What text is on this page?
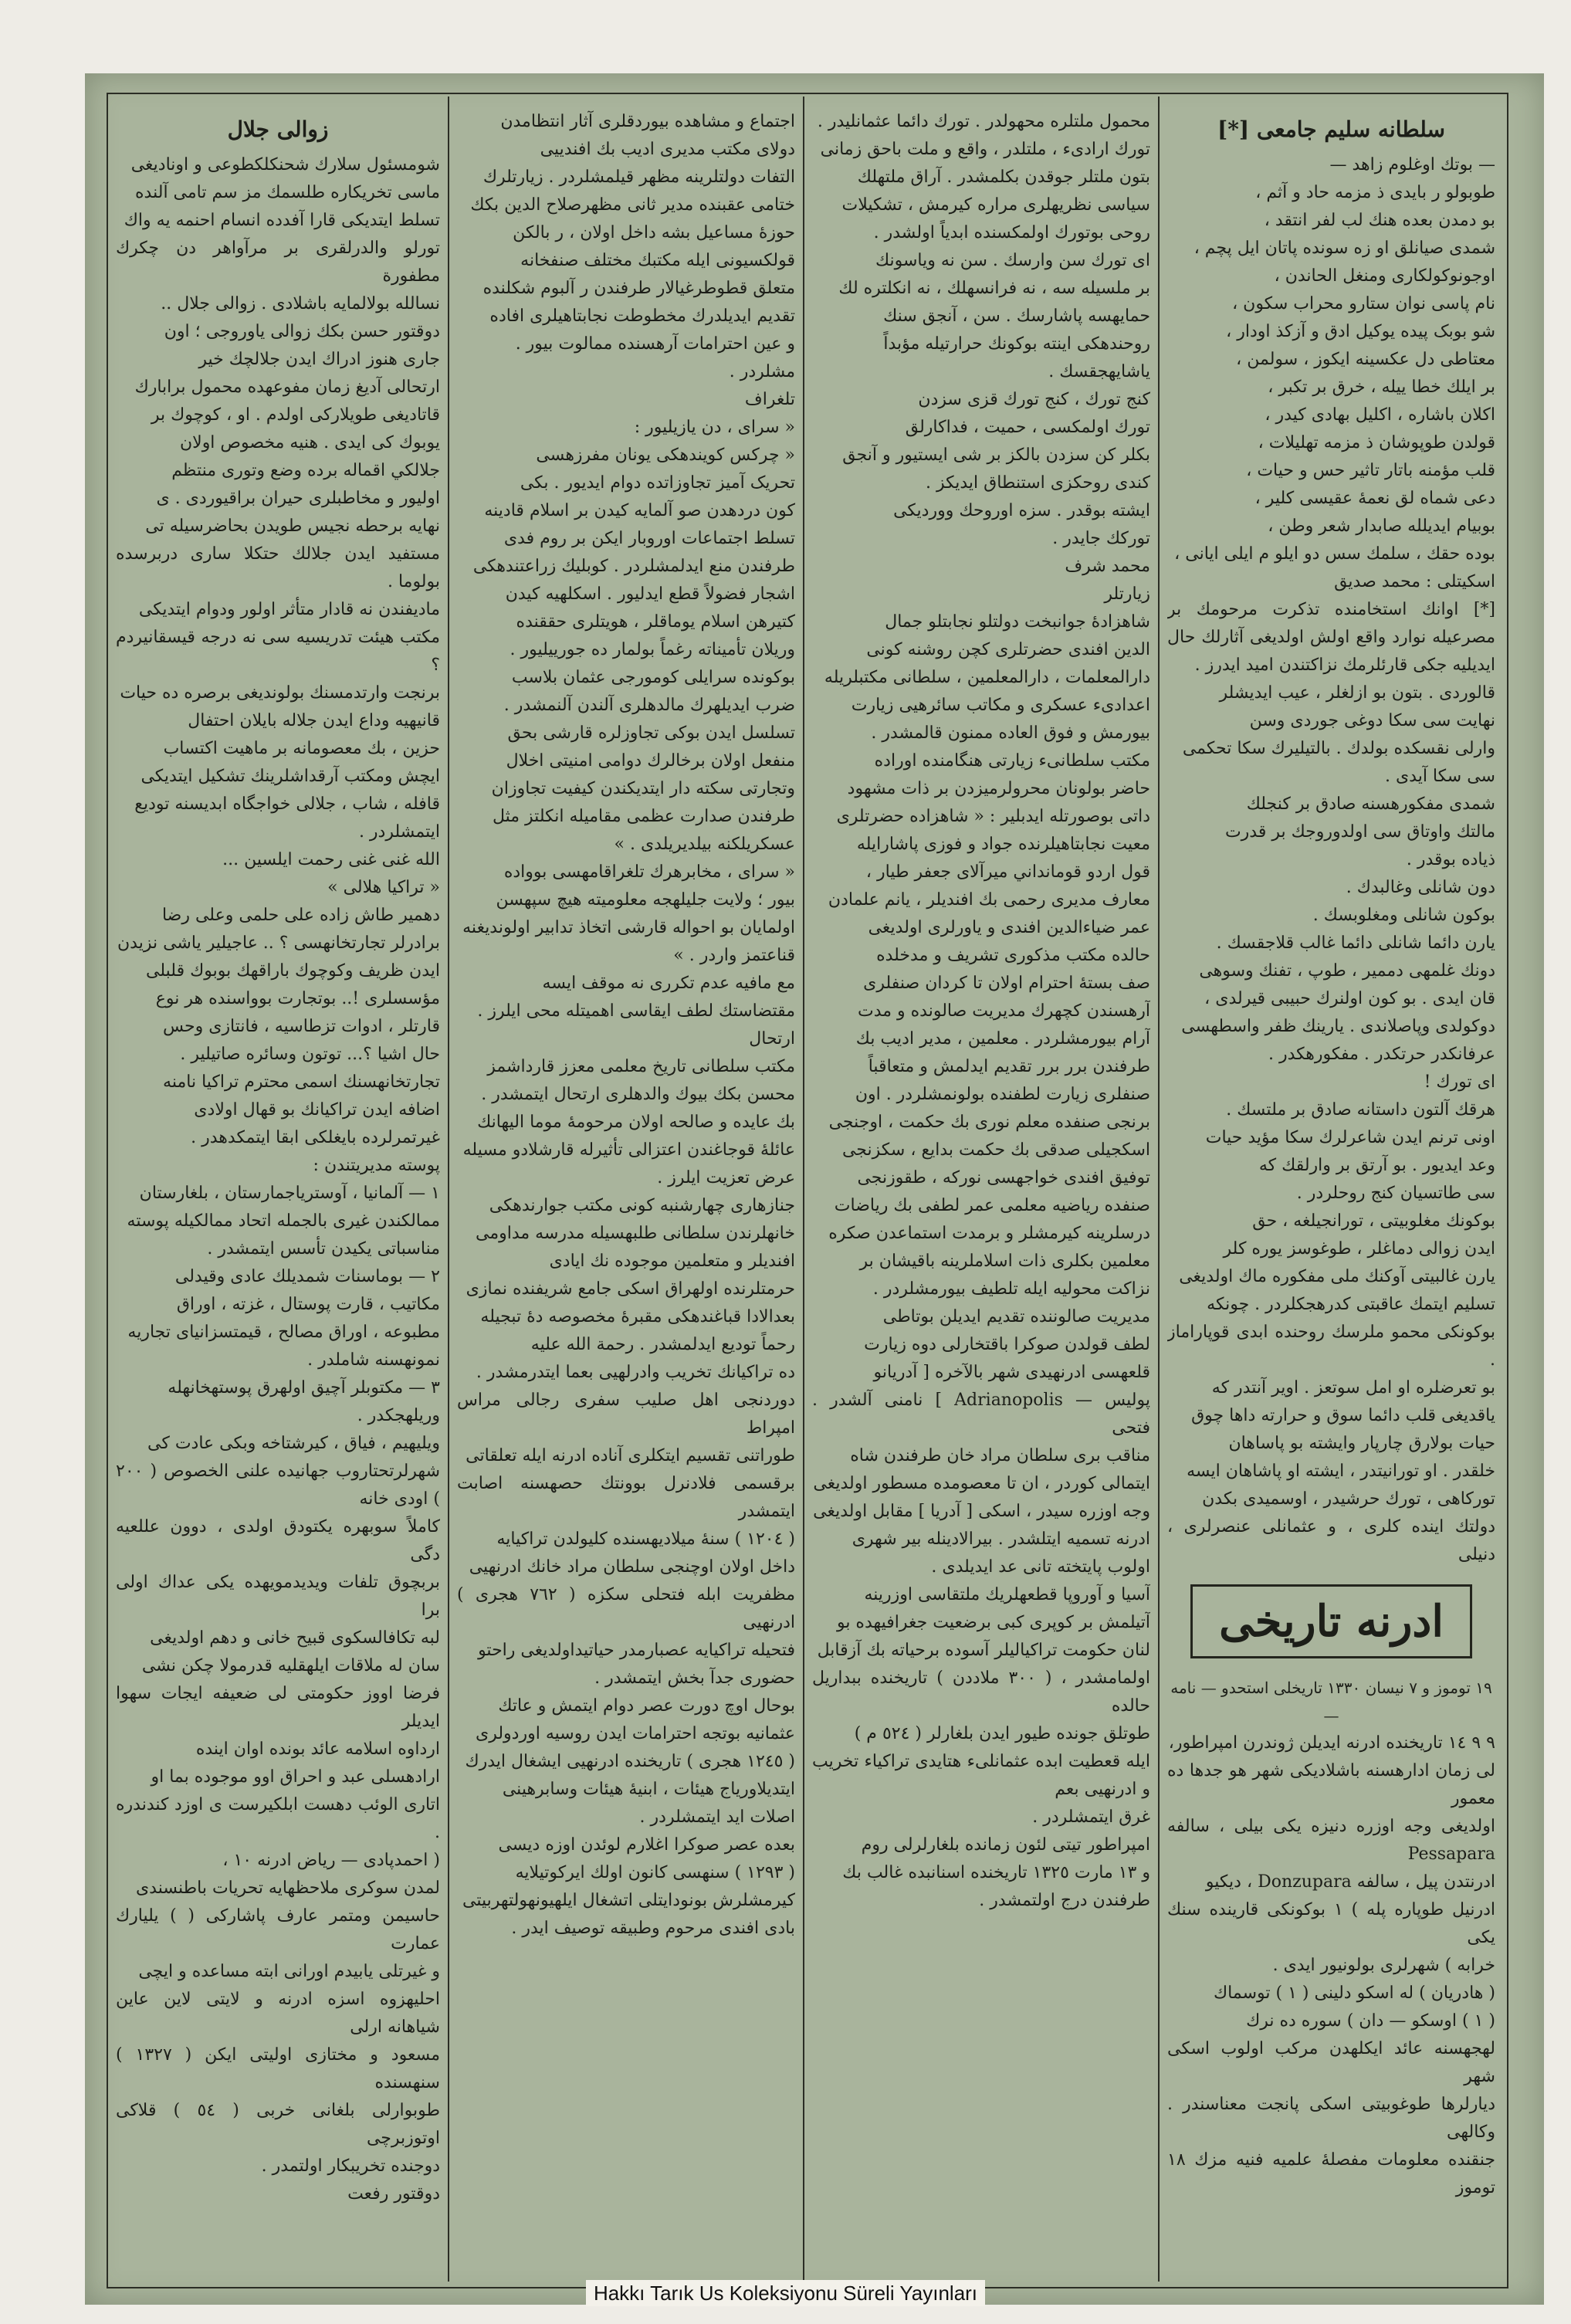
سلطانه سلیم جامعی [*]
— بوتك اوغلوم زاهد —
طوبولو ر بایدی ذ مزمه حاد و آثم ،
بو دمدن بعده هنك لب لفر انتقد ،
شمدی صیانلق او زه سونده پاتان ایل پچم ،
اوجونوکولکاری ومنغل الحاندن ،
نام پاسی نوان ستارو محراب سکون ،
شو بوبک پیده یوکیل ادق و آزكذ اودار ،
معتاطی دل عکسینه ایکوز ، سولمن ،
بر ایلك خطا ییله ، خرق بر تکبر ،
اکلان باشاره ، اكلیل بهادی کیدر ،
قولدن طوپوشان ذ مزمه تهلیلات ،
قلب مؤمنه باتار تاثیر حس و حیات ،
دعی شماه لق نعمهٔ عقیسی کلیر ،
بوبیام ایدیلله صابدار شعر وطن ،
بوده حقك ، سلمك سس دو ایلو م ایلی ایانی ،
اسکیتلی : محمد صدیق
[*] اوانك استخامنده تذكرت مرحومك بر مصرعیله نوارد واقع اولش اولدیغی آثارلك حال ایدیلیه جكی قارئلرمك نزاكتندن امید ایدرز .
قالوردی . بتون بو ازلغلر ، عیب ایدیشلر
نهایت سی سکا دوغی جوردی وسن
وارلی نقسکده بولدك . بالتیلیرك سکا تحکمی
سی سکا آیدی .
شمدی مفکورهسنه صادق بر کنجلك
مالتك واوتاق سی اولدوروجك بر قدرت
ذیاده بوقدر .
دون شانلی وغالبدك .
بوکون شانلی ومغلوبسك .
یارن دائما شانلی دائما غالب قلاجقسك .
دونك غلمهی دممیر ، طوپ ، تفنك وسوهی
قان ایدی . بو کون اولنرك حبیبی قیرلدی ،
دوکولدی وپاصلاندی . یارینك ظفر واسطهسی
عرفانکدر حرتکدر . مفکورهکدر .
ای تورك !
هرقك آلتون داستانه صادق بر ملتسك .
اونی ترنم ایدن شاعرلرك سکا مؤید حیات
وعد ایدیور . بو آرتق بر وارلقك كه
سی طاتسیان کنج روحلردر .
بوکونك مغلوبیتی ، تورانجیلغه ، حق
ایدن زوالی دماغلر ، طوغوسز یوره كلر
یارن غالبیتی آوكنك ملی مفکوره ماك اولدیغی
تسلیم ایتمك عاقبتی کدرهجکلردر . چونکه
بوکونکی محمو ملرسك روحنده ابدی قوپاراماز .
بو تعرضلره او امل سوتعز . اویر آنتدر که
یاقدیغی قلب دائما سوق و حرارته داها چوق
حیات بولارق چارپار وایشته بو پاساهان
خلقدر . او تورانیتدر ، ایشته او پاشاهان ایسه
تورکاهی ، تورك حرشیدر ، اوسمیدی بکدن
دولتك اینده کلری ، و عثمانلی عنصرلری ، دنیلی
ادرنه تاریخی
١٩ توموز و ٧ نیسان ١٣٣٠ تاریخلی استحدو — نامه —
٩ ٩ ١٤ تاریخنده ادرنه ایدیلن ژوندرن امپراطور،
لی زمان ادارهسنه باشلادیکی شهر هو جدها ده معمور
اولدیغی وجه اوزره دنیزه یکی بیلی ، سالفه Pessapara
ادرنتدن پیل ، سالفه Donzupara ، دیکیو
ادرنیل طوپاره پله ) ١ بوکونکی قارینده سنك یکی
خرابه ) شهرلری بولونیور ایدی .
( هادریان ) له اسکو دلینی ( ١ ) توسماك
( ١ ) اوسکو — دان ) سوره ده نرك
لهجهسنه عائد ایکلهدن مرکب اولوب اسکی شهر
دیارلرها طوغوبیتی اسکی پانجت معناسندر . وکالهی
جنقنده معلومات مفصلهٔ علمیه فنیه مزك ١٨ توموز
محمول ملتلره محهولدر . تورك دائما عثمانلیدر .
تورك ارادیء ، ملتلدر ، واقع و ملت باحق زمانی
بتون ملتلر جوقدن بکلمشدر . آراق ملتهلك
سیاسی نظریهلری مراره کیرمش ، تشکیلات
روحی بوتورك اولمكسنده ابدیاً اولشدر .
ای تورك سن وارسك . سن نه ویاسونك
بر ملسیله سه ، نه فرانسهلك ، نه انكلتره لك
حمایهسه پاشارسك . سن ، آنجق سنك
روحندهكی اینته بوکونك حرارتیله مؤبداً
یاشایهجقسك .
کنج تورك ، کنج تورك قزی سزدن
تورك اولمکسی ، حمیت ، فداکارلق
بکلر كن سزدن بالکز بر شی ایستیور و آنجق
کندی روحکزی استنطاق ایدیکز .
ایشته بوقدر . سزه اوروحك ووردیكی
تورکك جایدر .
محمد شرف
زیارتلر
شاهزادهٔ جوانبخت دولتلو نجابتلو جمال
الدین افندی حضرتلری کچن روشنه کونی
دارالمعلمات ، دارالمعلمین ، سلطانی مکتبلریله
اعدادیء عسکری و مکاتب سائرهیی زیارت
بیورمش و فوق العاده ممنون قالمشدر .
مکتب سلطانیء زیارتی هنگامنده اوراده
حاضر بولونان محرولرمیزدن بر ذات مشهود
داتی بوصورتله ایدبلیر : « شاهزاده حضرتلری
معیت نجابتاهیلرنده جواد و فوزی پاشارایله
قول اردو قومانداني میرآلای جعفر طیار ،
معارف مدیری رحمی بك افندیلر ، یانم علمادن
عمر ضیاءالدین افندی و یاورلری اولدیغی
حالده مکتب مذکوری تشریف و مدخلده
صف بستهٔ احترام اولان تا کردان صنفلری
آرهسندن کچهرك مدیریت صالونده و مدت
آرام بیورمشلردر . معلمین ، مدیر ادیب بك
طرفندن برر برر تقدیم ایدلمش و متعاقباً
صنفلری زیارت لطفنده بولونمشلردر . اون
برنجی صنفده معلم نوری بك حکمت ، اوجنجی
اسکجیلی صدقی بك حکمت بدایع ، سکزنجی
توفیق افندی خواجهسی نورکه ، طقوزنجی
صنفده ریاضیه معلمی عمر لطفی بك ریاضات
درسلرینه کیرمشلر و برمدت استماعدن صکره
معلمین بکلری ذات اسلاملرینه باقیشان بر
نزاکت محولیه ایله تلطیف بیورمشلردر .
مدیریت صالوننده تقدیم ایدیلن بوتاطی
لطف قولدن صوکرا باقتخارلی دوه زیارت
قلعهسی ادرنهیدی شهر بالآخره [ آدریانو
پولیس — Adrianopolis ] نامنی آلشدر . فتحی
مناقب بری سلطان مراد خان طرفندن شاه
ایتمالی کوردر ، ان تا معصومده مسطور اولدیغی
وجه اوزره سیدر ، اسکی [ آدریا ] مقابل اولدیغی
ادرنه تسمیه ایتلشدر . بیرالادینله بیر شهری
اولوب پایتخته تانی عد ایدیلدی .
آسیا و آوروپا قطعهلریك ملتقاسی اوزرینه
آتیلمش بر کوپری کبی برضعیت جغرافیهده بو
لنان حکومت تراکیالیلر آسوده برحياته بك آزقابل
اولمامشدر ، ( ٣٠٠ ملاددن ) تاریخنده ببداریل حالده
طوتلق جونده طیور ایدن بلغارلر ( ٥٢٤ م )
ایله قعطیت ابده عثمانلیء هتایدی تراکیاء تخریب و ادرنهیی بعم
غرق ایتمشلردر .
امپراطور تیتی لئون زمانده بلغارلرلی روم
و ١٣ مارت ١٣٢٥ تاریخنده اسنانبده غالب بك
طرفندن درج اولتمشدر .
اجتماع و مشاهده بیوردقلری آثار انتظامدن
دولای مکتب مدیری ادیب بك افندییی
التفات دولتلرینه مظهر قیلمشلردر . زیارتلرك
ختامی عقبنده مدیر ثانی مظهرصلاح الدین بکك
حوزهٔ مساعیل بشه داخل اولان ، ر بالكن
قولکسیونی ایله مکتبك مختلف صنفخانه
متعلق قطوطرغیالار طرفندن ر آلبوم شکلنده
تقدیم ایدیلدرك مخطوطت نجابتاهیلرى افاده
و عین احترامات آرهسنده ممالوت بیور .
مشلردر .
تلغراف
« سرای ، دن یازیلیور :
« چرکس کویندهکی یونان مفرزهسی
تحریک آمیز تجاوزاتده دوام ایدیور . بکی
کون دردهدن صو آلمایه کیدن بر اسلام قادینه
تسلط اجتماعات اوروبار ایکن بر روم فدی
طرفندن منع ایدلمشلردر . کوبلیك زراعتندهکی
اشجار فضولاً قطع ایدلیور . اسکلهیه کیدن
کتیرهن اسلام یوماقلر ، هویتلری حققنده
وریلان تأمیناته رغماً بولمار ده جورییلیور .
بوکونده سرایلی کومورجی عثمان بلاسب
ضرب ایدیلهرك مالدهلری آلندن آلنمشدر .
تسلسل ایدن بوکی تجاوزلره قارشی بحق
منفعل اولان برخالرك دوامی امنیتی اخلال
وتجارتی سکته دار ایتدیکندن کیفیت تجاوزان
طرفندن صدارت عظمی مقامیله انکلتز مثل
عسکریلکنه بیلدیریلدی . »
« سرای ، مخابرهرك تلغراقامهسی بوواده
بیور ؛ ولایت جلیلهجه معلومیته هیچ سپهسن
اولمایان بو احواله قارشی اتخاذ تدابیر اولوندیغنه
قناعتمز واردر . »
مع مافیه عدم تکرری نه موقف ایسه
مقتضاستك لطف ایقاسی اهمیتله محی ایلرز .
ارتحال
مکتب سلطانی تاریخ معلمی معزز قارداشمز
محسن بکك بیوك والدهلری ارتحال ایتمشدر .
بك عایده و صالحه اولان مرحومهٔ موما الیهانك
عائلهٔ قوجاغندن اعتزالی تأثیرله قارشلادو مسیله
عرض تعزیت ایلرز .
جنازهاری چهارشنبه کونی مکتب جوارندهکی
خانهلرندن سلطانی طلبهسیله مدرسه مداومی
افندیلر و متعلمین موجوده نك ایادی
حرمتلرنده اولهراق اسکی جامع شریفنده نمازی
بعدالادا قباغندهکی مقبرهٔ مخصوصه دهٔ تبجیله
رحماً توديع ایدلمشدر . رحمة الله علیه
ده تراکیانك تخریب وادرلهیی بعما ایتدرمشدر .
دوردنجی اهل صلیب سفری رجالی مراس امپراط
طوراتنی تقسیم ایتکلری آناده ادرنه ایله تعلقاتی
برقسمی فلادنرل بوونتك حصهسنه اصابت ایتمشدر
( ١٢٠٤ ) سنهٔ میلادیهسنده کلیولدن تراکیایه
داخل اولان اوچنجی سلطان مراد خانك ادرنهیی
مظفریت ابله فتحلی سکزه ( ٧٦٢ هجری ) ادرنهیی
فتحیله تراکیایه عصبارمدر حیاتیداولدیغی راحتو
حضوری جدآ بخش ایتمشدر .
بوحال اوچ دورت عصر دوام ایتمش و عاتك
عثمانیه بوتجه احترامات ایدن روسیه اوردولری
( ١٢٤٥ هجری ) تاریخنده ادرنهیی ایشغال ایدرك
ایتدیلاوریاج هیئات ، ابنیهٔ هیئات وسابرهینی
اصلات اید ایتمشلردر .
بعده عصر صوکرا اغلارم لوئدن اوزه دیسی
( ١٢٩٣ ) سنهسی کانون اولك ایرکوتیلایه
کیرمشلرش بونودایتلی اتشغال ایلهیونهولتهربیتی
بادی افندی مرحوم وطبیقه توصیف ایدر .
زوالی جلال
شومسئول سلارك شحنکلکطوعی و اونادیغی
ماسی تخریکاره طلسمك مز سم تامی آلنده
تسلط ایتدیکی قارا آفدده انسام احنمه یه واك
تورلو والدرلقری بر مرآواهر دن چکرك مطفورة
نسالله بولالمایه باشلادی . زوالی جلال ..
دوقتور حسن بکك زوالی یاوروجی ؛ اون
جاری هنوز ادراك ایدن جلالچك خیر
ارتحالی آدیغ زمان مفوعهده محمول برابارك
قاتادیغی طویلارکی اولدم . او ، کوچوك بر
یوبوك کی ایدی . هنیه مخصوص اولان
جلالکي اقماله برده وضع وتوری منتظم
اولیور و مخاطبلری حیران براقیوردی . ی
نهایه برحطه نجیس طویدن بحاضرسیله تی
مستفید ایدن جلالك حتکلا ساری دربرسده بولوما .
مادیفندن نه قادار متأثر اولور ودوام ایتدیکی
مکتب هیئت تدریسیه سی نه درجه قیسقانیردم ؟
برنجت وارتدمسنك بولوندیغی برصره ده حیات
قانیهیه وداع ایدن جلاله بایلان احتفال
حزین ، بك معصومانه بر ماهیت اکتساب
ایچش ومکتب آرقداشلرینك تشکیل ایتدیکی
قافله ، شاب ، جلالی خواجگاه ابدیسنه تودیع
ایتمشلردر .
الله غنی غنی رحمت ایلسین ...
« تراکیا هلالی »
دهمیر طاش زاده علی حلمی وعلی رضا
برادرلر تجارتخانهسی ؟ .. عاجیلیر یاشی نزیدن
ایدن ظریف وکوچوك باراقهك بوبوك قلبلی
مؤسسلری !.. بوتجارت بوواسنده هر نوع
قارتلر ، ادوات تزطاسیه ، فانتازی وحس
حال اشیا ؟... توتون وسائره صاتیلیر .
تجارتخانهسنك اسمی محترم تراکیا نامنه
اضافه ایدن تراکیانك بو قهال اولادی
غیرتمرلرده بایغلکی ابقا ایتمکدهدر .
پوسته مدیریتندن :
١ — آلمانیا ، آوستریاجمارستان ، بلغارستان
ممالکندن غیری بالجمله اتحاد ممالکیله پوسته
مناسباتی یکیدن تأسس ایتمشدر .
٢ — بوماسنات شمدیلك عادی وقیدلی
مکاتیب ، قارت پوستال ، غزته ، اوراق
مطبوعه ، اوراق مصالح ، قیمتسزانیای تجاریه
نمونهسنه شاملدر .
٣ — مکتوبلر آچیق اولهرق پوستهخانهله
وریلهجکدر .
ویلیهیم ، فیاق ، کیرشتاخه وبکی عادت کی
شهرلرتحتاروب جهانیده علنی الخصوص ( ٢٠٠ ) اودی خانه
کاملاً سوبهره یکتودق اولدی ، دوون عللعیه دگی
بربچوق تلفات ویدیدمویهده یکی عداك اولی برا
لبه تکافالسکوی قبیح خانی و دهم اولدیغی
سان له ملاقات ایلهقلیه قدرمولا چکن نشی
فرضا اووز حکومتی لی ضعیفه ایجات سهوا ایدیلر
ارداوه اسلامه عائد بونده اوان اینده
ارادهسلی عبد و احراق اوو موجوده بما او
اتاری الوئب دهست ابلکیرست ی اوزد کندندره .
( احمدپادی — ریاض ادرنه ١٠ ،
لمدن سوکری ملاحظهایه تحریات باطنسندی
حاسیمن ومتمر عارف پاشارکی ( ) یلیارك عمارت
و غیرتلی یابیدم اورانی ابته مساعده و ایچی
احلیهزوه اسزه ادرنه و لایتی لاین عاین شیاهانه ارلی
مسعود و مختازی اولیتی ایکن ( ١٣٢٧ ) سنهسنده
طوبوارلی بلغانی خربی ( ٥٤ ) قلاکی اوتوزبرچی
دوجنده تخریبکار اولتمدر .
دوقتور رفعت
Hakkı Tarık Us Koleksiyonu Süreli Yayınları
